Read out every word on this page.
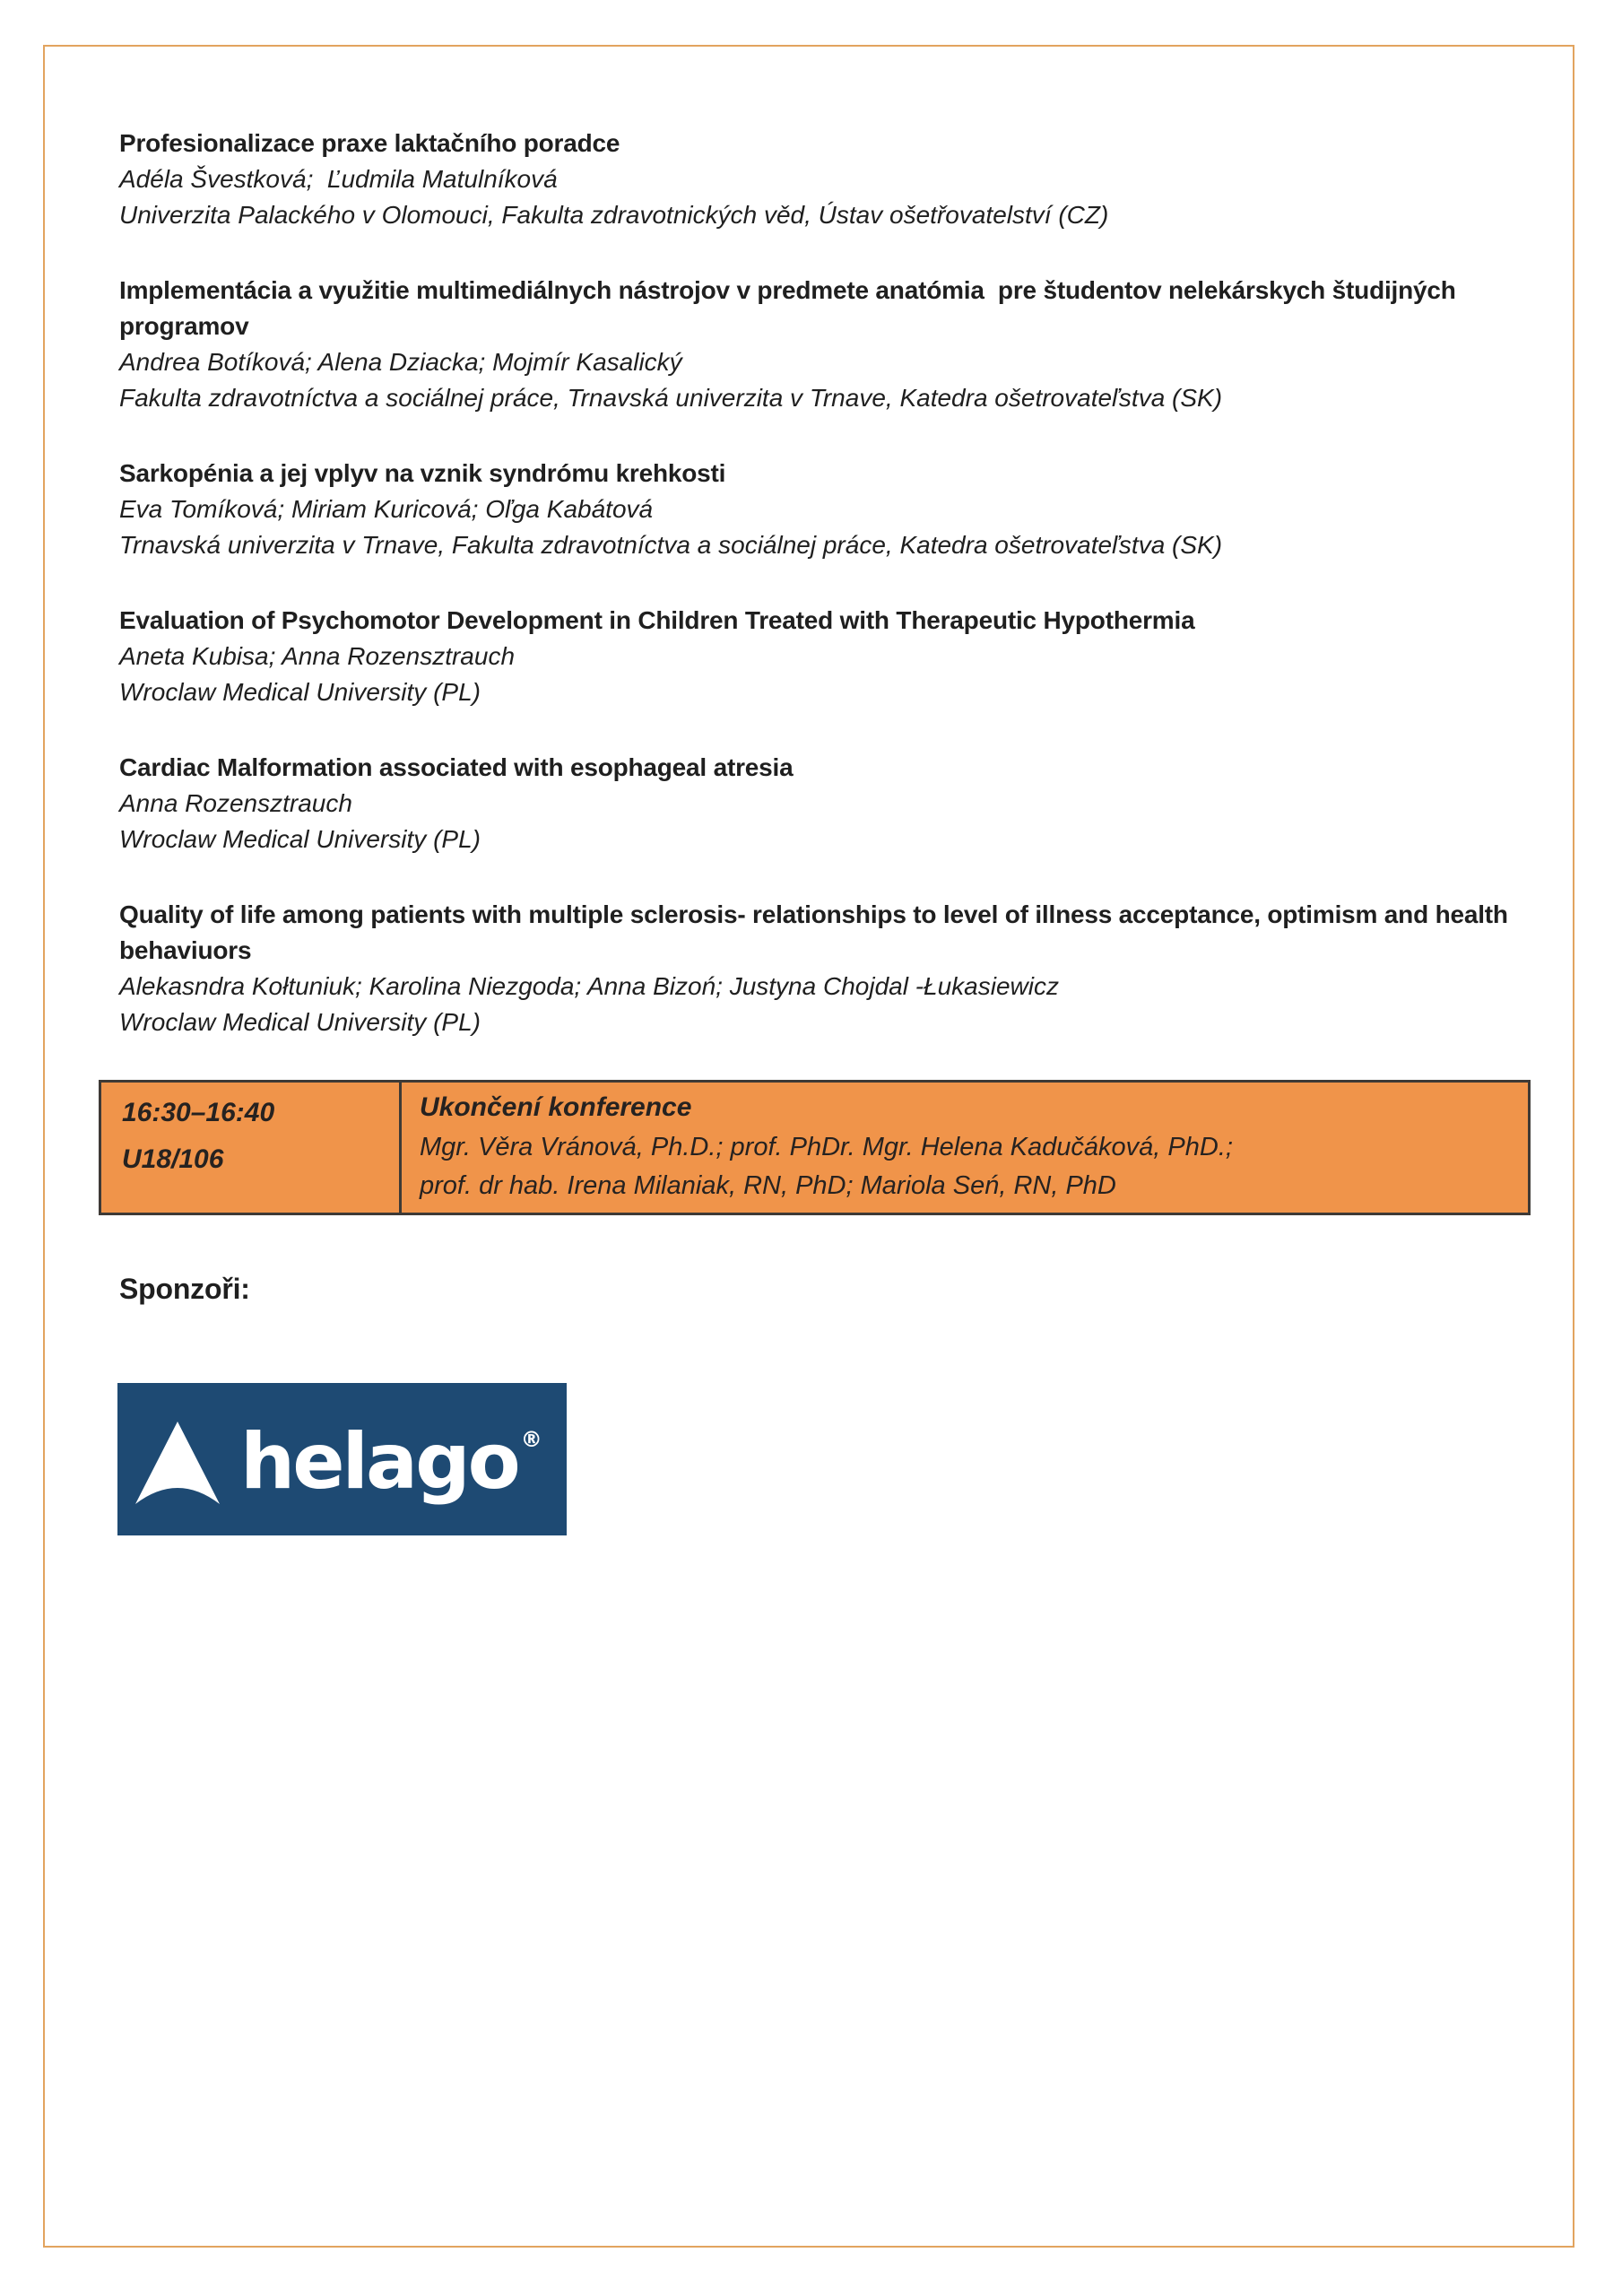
Profesionalizace praxe laktačního poradce

Adéla Švestková;  Ľudmila Matulníková

Univerzita Palackého v Olomouci, Fakulta zdravotnických věd, Ústav ošetřovatelství (CZ)

Implementácia a využitie multimediálnych nástrojov v predmete anatómia  pre študentov nelekárskych študijných programov

Andrea Botíková; Alena Dziacka; Mojmír Kasalický

Fakulta zdravotníctva a sociálnej práce, Trnavská univerzita v Trnave, Katedra ošetrovateľstva (SK)

Sarkopénia a jej vplyv na vznik syndrómu krehkosti

Eva Tomíková; Miriam Kuricová; Oľga Kabátová

Trnavská univerzita v Trnave, Fakulta zdravotníctva a sociálnej práce, Katedra ošetrovateľstva (SK)

Evaluation of Psychomotor Development in Children Treated with Therapeutic Hypothermia

Aneta Kubisa; Anna Rozensztrauch

Wroclaw Medical University (PL)

Cardiac Malformation associated with esophageal atresia

Anna Rozensztrauch

Wroclaw Medical University (PL)

Quality of life among patients with multiple sclerosis- relationships to level of illness acceptance, optimism and health behaviuors

Alekasndra Kołtuniuk; Karolina Niezgoda; Anna Bizoń; Justyna Chojdal -Łukasiewicz

Wroclaw Medical University (PL)

16:30–16:40
U18/106
Ukončení konference
Mgr. Věra Vránová, Ph.D.; prof. PhDr. Mgr. Helena Kadučáková, PhD.;
prof. dr hab. Irena Milaniak, RN, PhD; Mariola Seń, RN, PhD
Sponzoři:
helago ®
